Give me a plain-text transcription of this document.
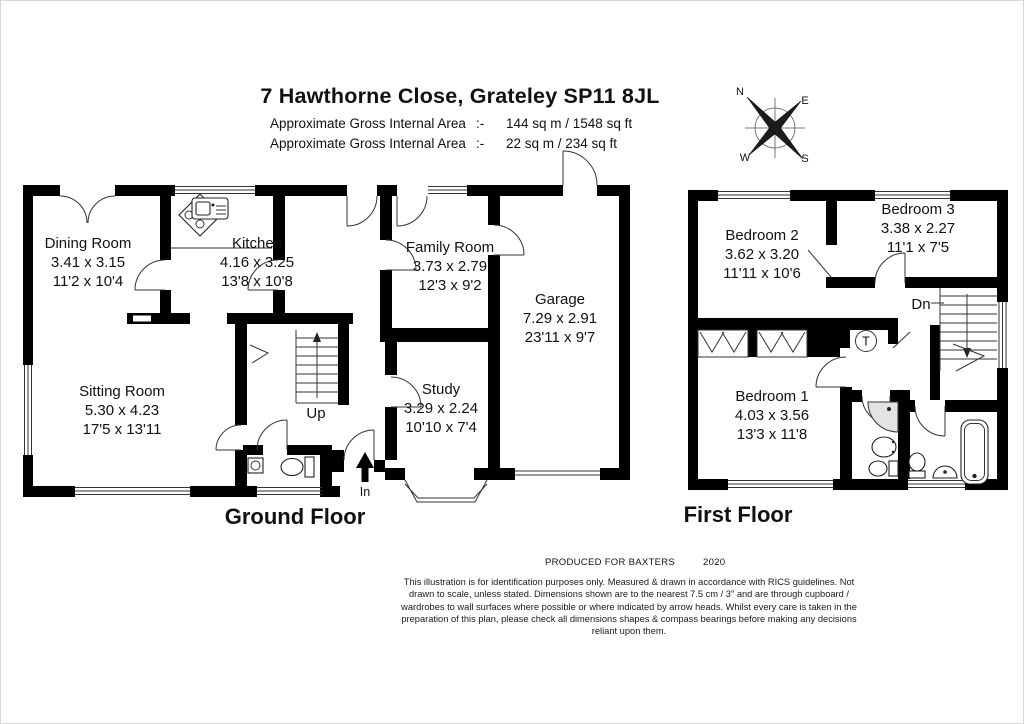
7 Hawthorne Close, Grateley SP11 8JL
Approximate Gross Internal Area :- 144 sq m / 1548 sq ft
Approximate Gross Internal Area :- 22 sq m / 234 sq ft
N
E
W	S
Dining Room
3.41 x 3.15
11'2 x 10'4
Kitchen
4.16 x 3.25
13'8 x 10'8
Family Room
3.73 x 2.79
12'3 x 9'2
Garage
7.29 x 2.91
23'11 x 9'7
Sitting Room
5.30 x 4.23
17'5 x 13'11
Study
3.29 x 2.24
10'10 x 7'4
Up
In
T
Bedroom 2
3.62 x 3.20
11'11 x 10'6
Bedroom 3
3.38 x 2.27
11'1 x 7'5
Bedroom 1
4.03 x 3.56
13'3 x 11'8
Dn
Ground Floor	First Floor
PRODUCED FOR BAXTERS	2020
This illustration is for identification purposes only. Measured & drawn in accordance with RICS guidelines. Not drawn to scale, unless stated. Dimensions shown are to the nearest 7.5 cm / 3" and are through cupboard / wardrobes to wall surfaces where possible or where indicated by arrow heads. Whilst every care is taken in the preparation of this plan, please check all dimensions shapes & compass bearings before making any decisions reliant upon them.
